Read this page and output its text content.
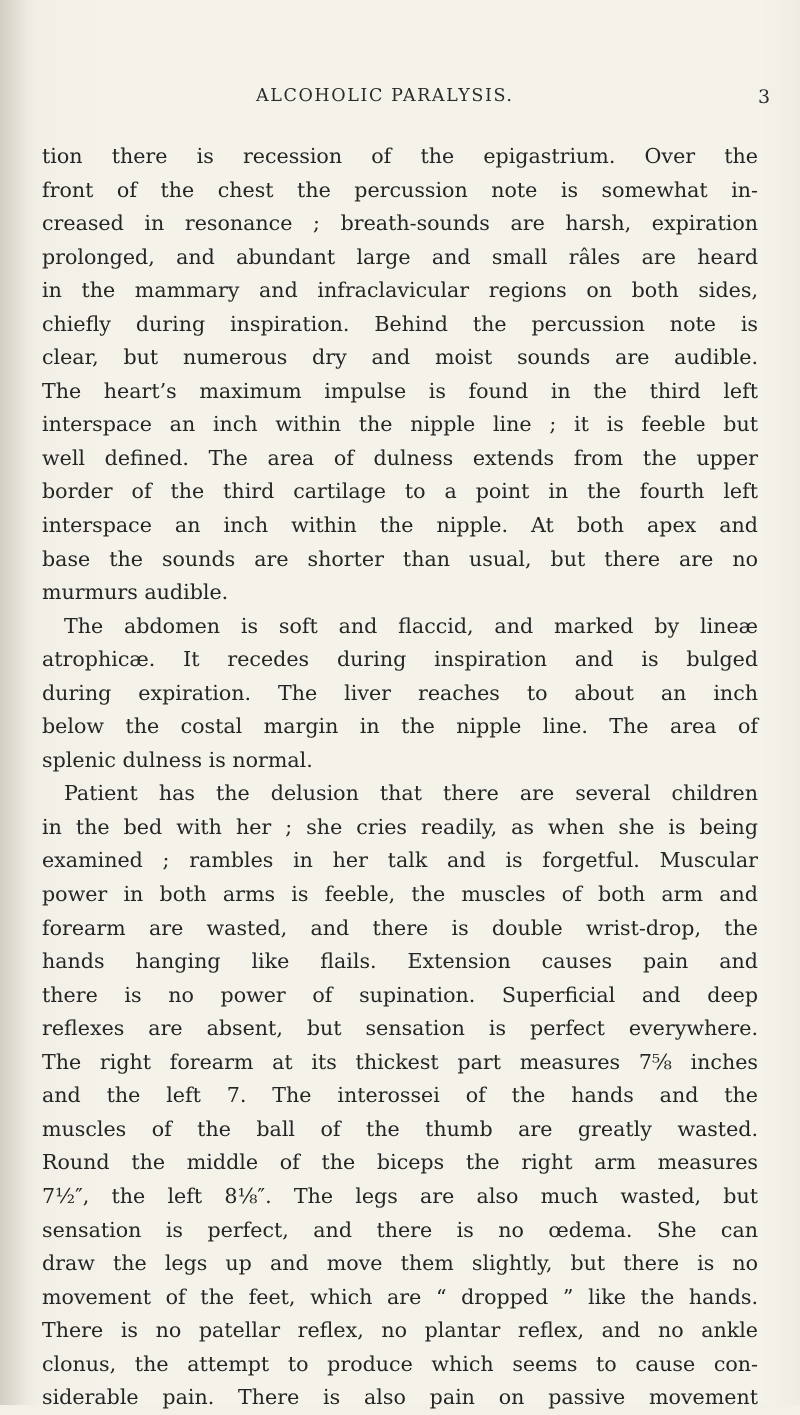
ALCOHOLIC PARALYSIS.	3
tion there is recession of the epigastrium. Over the
front of the chest the percussion note is somewhat in-
creased in resonance ; breath-sounds are harsh, expiration
prolonged, and abundant large and small râles are heard
in the mammary and infraclavicular regions on both sides,
chiefly during inspiration. Behind the percussion note is
clear, but numerous dry and moist sounds are audible.
The heart’s maximum impulse is found in the third left
interspace an inch within the nipple line ; it is feeble but
well defined. The area of dulness extends from the upper
border of the third cartilage to a point in the fourth left
interspace an inch within the nipple. At both apex and
base the sounds are shorter than usual, but there are no
murmurs audible.
The abdomen is soft and flaccid, and marked by lineæ
atrophicæ. It recedes during inspiration and is bulged
during expiration. The liver reaches to about an inch
below the costal margin in the nipple line. The area of
splenic dulness is normal.
Patient has the delusion that there are several children
in the bed with her ; she cries readily, as when she is being
examined ; rambles in her talk and is forgetful. Muscular
power in both arms is feeble, the muscles of both arm and
forearm are wasted, and there is double wrist-drop, the
hands hanging like flails. Extension causes pain and
there is no power of supination. Superficial and deep
reflexes are absent, but sensation is perfect everywhere.
The right forearm at its thickest part measures 7⅝ inches
and the left 7. The interossei of the hands and the
muscles of the ball of the thumb are greatly wasted.
Round the middle of the biceps the right arm measures
7½″, the left 8⅛″. The legs are also much wasted, but
sensation is perfect, and there is no œdema. She can
draw the legs up and move them slightly, but there is no
movement of the feet, which are “ dropped ” like the hands.
There is no patellar reflex, no plantar reflex, and no ankle
clonus, the attempt to produce which seems to cause con-
siderable pain. There is also pain on passive movement
